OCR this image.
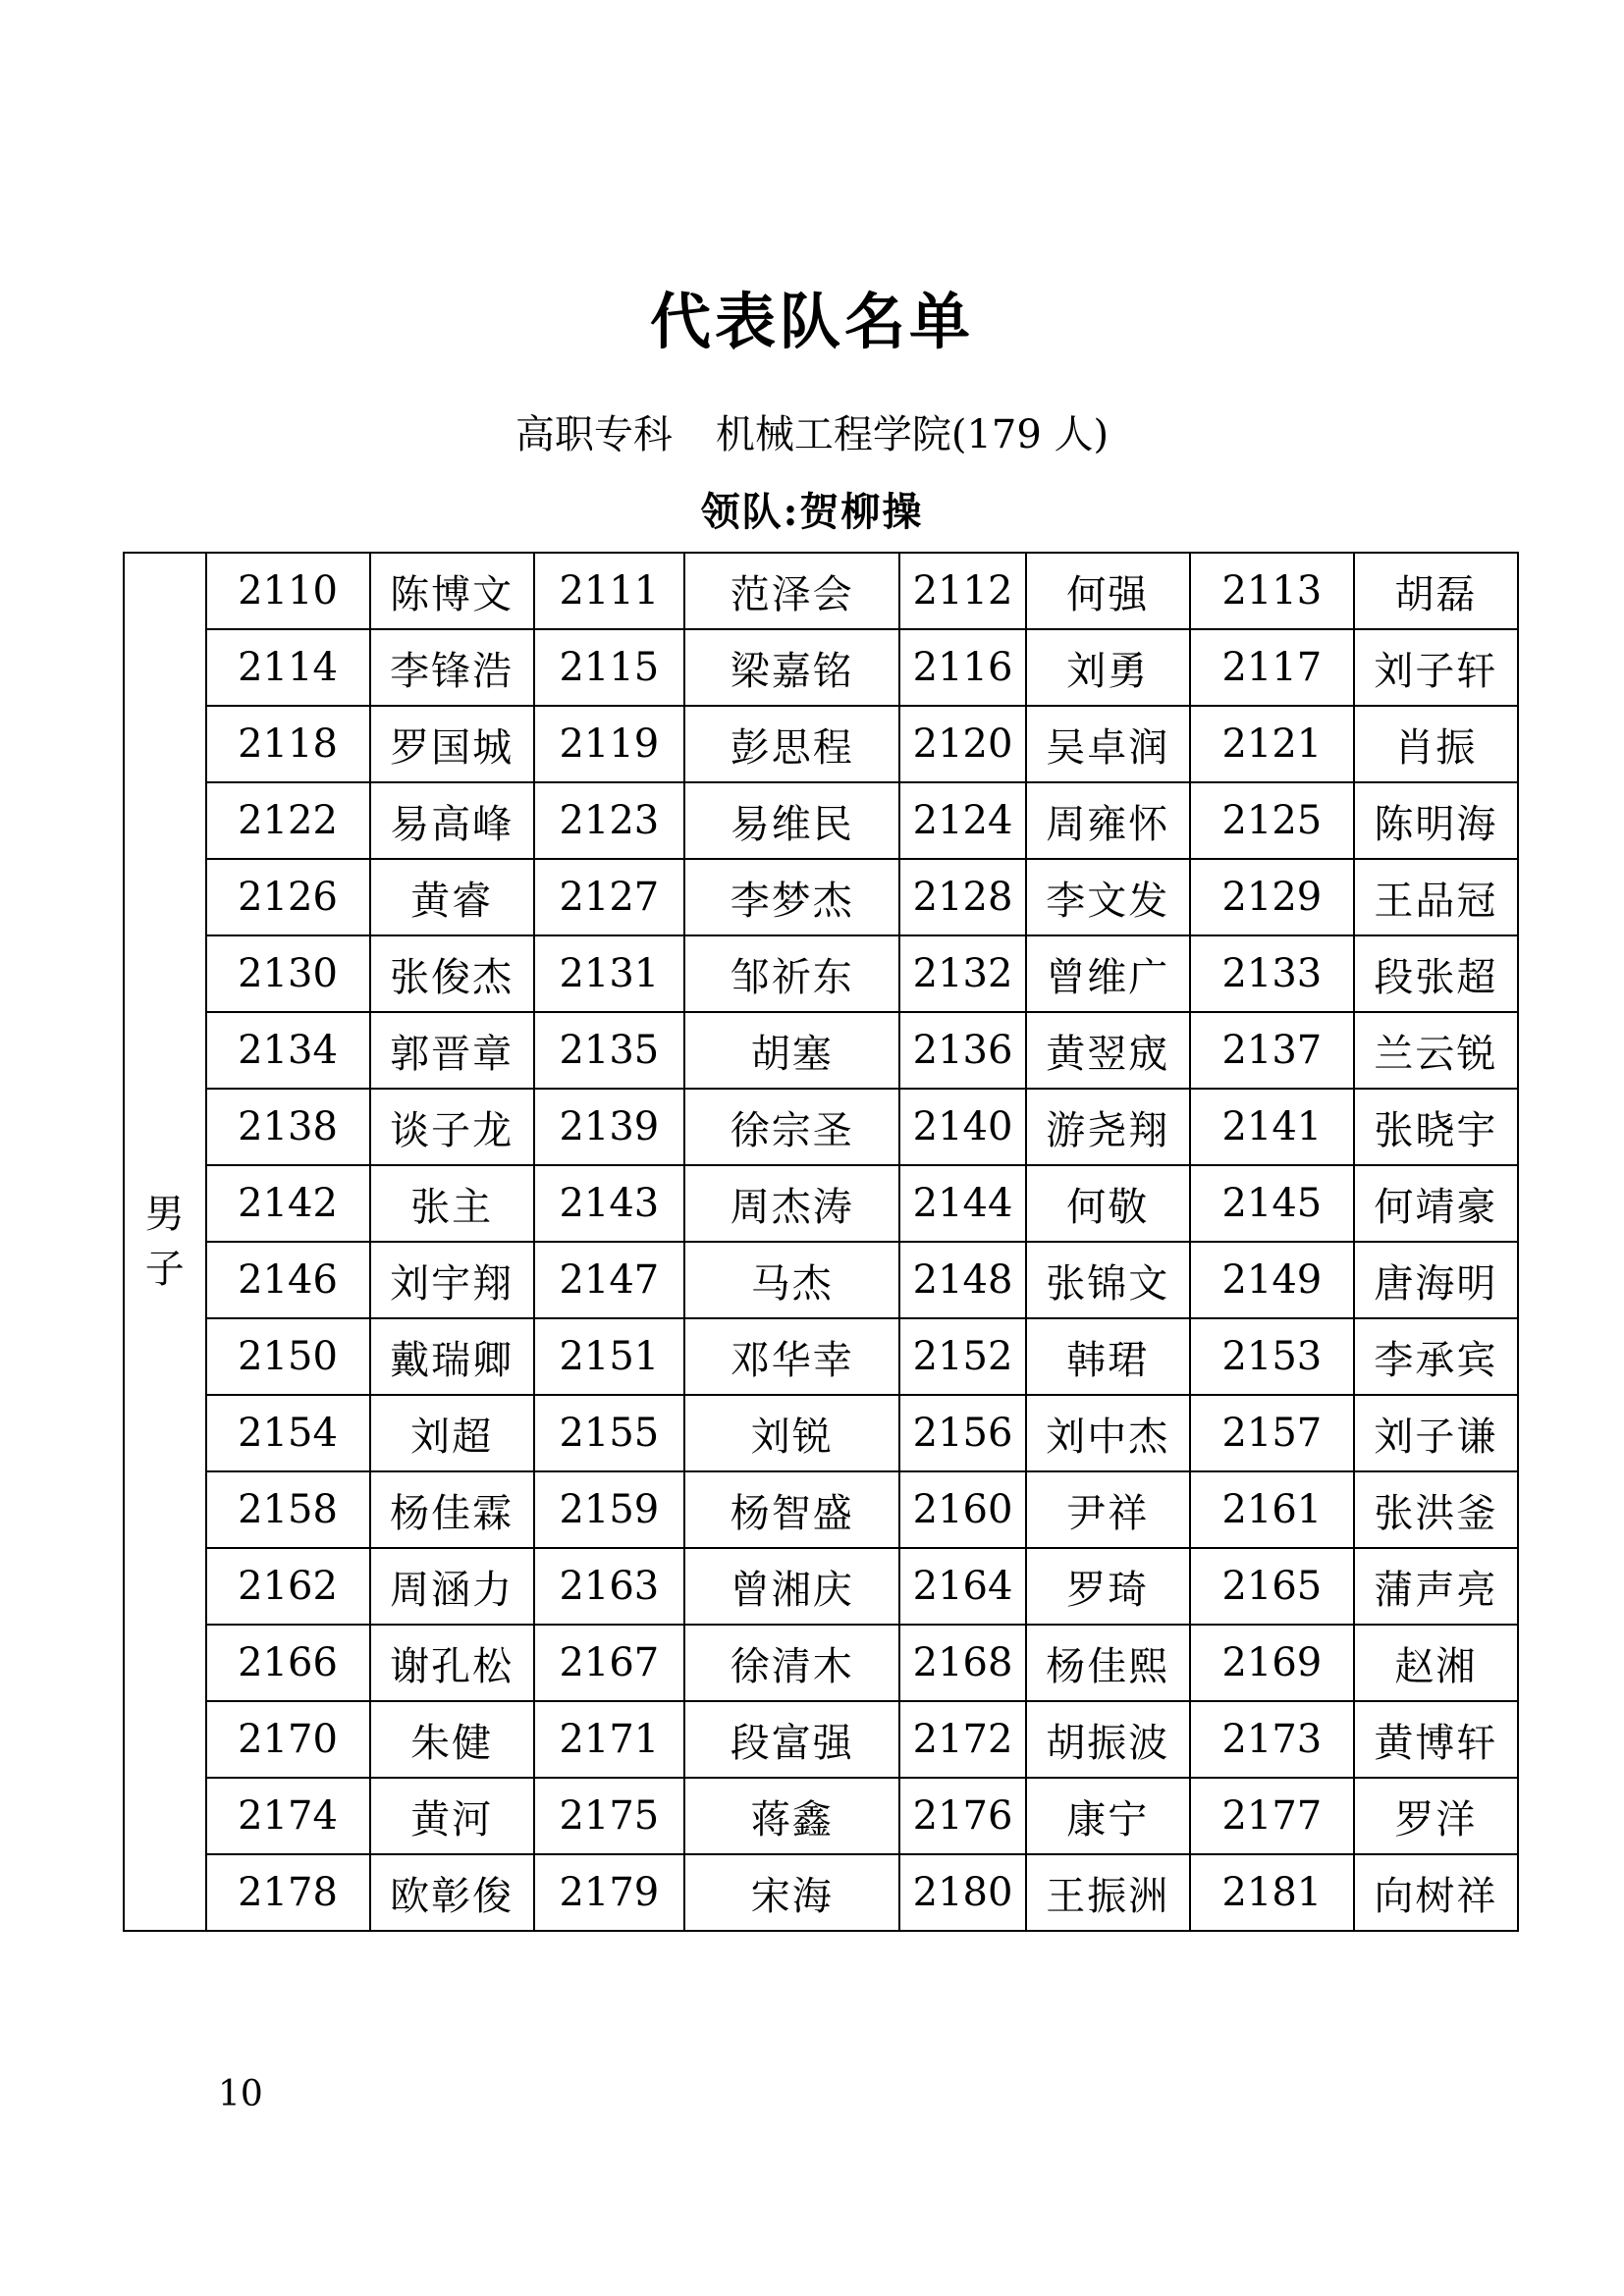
代表队名单
高职专科 机械工程学院(179 人)
领队:贺柳操
男子	2110	陈博文	2111	范泽会	2112	何强	2113	胡磊
	2114	李锋浩	2115	梁嘉铭	2116	刘勇	2117	刘子轩
	2118	罗国城	2119	彭思程	2120	吴卓润	2121	肖振
	2122	易高峰	2123	易维民	2124	周雍怀	2125	陈明海
	2126	黄睿	2127	李梦杰	2128	李文发	2129	王品冠
	2130	张俊杰	2131	邹祈东	2132	曾维广	2133	段张超
	2134	郭晋章	2135	胡塞	2136	黄翌宬	2137	兰云锐
	2138	谈子龙	2139	徐宗圣	2140	游尧翔	2141	张晓宇
	2142	张主	2143	周杰涛	2144	何敬	2145	何靖豪
	2146	刘宇翔	2147	马杰	2148	张锦文	2149	唐海明
	2150	戴瑞卿	2151	邓华幸	2152	韩珺	2153	李承宾
	2154	刘超	2155	刘锐	2156	刘中杰	2157	刘子谦
	2158	杨佳霖	2159	杨智盛	2160	尹祥	2161	张洪釜
	2162	周涵力	2163	曾湘庆	2164	罗琦	2165	蒲声亮
	2166	谢孔松	2167	徐清木	2168	杨佳熙	2169	赵湘
	2170	朱健	2171	段富强	2172	胡振波	2173	黄博轩
	2174	黄河	2175	蒋鑫	2176	康宁	2177	罗洋
	2178	欧彰俊	2179	宋海	2180	王振洲	2181	向树祥
10
